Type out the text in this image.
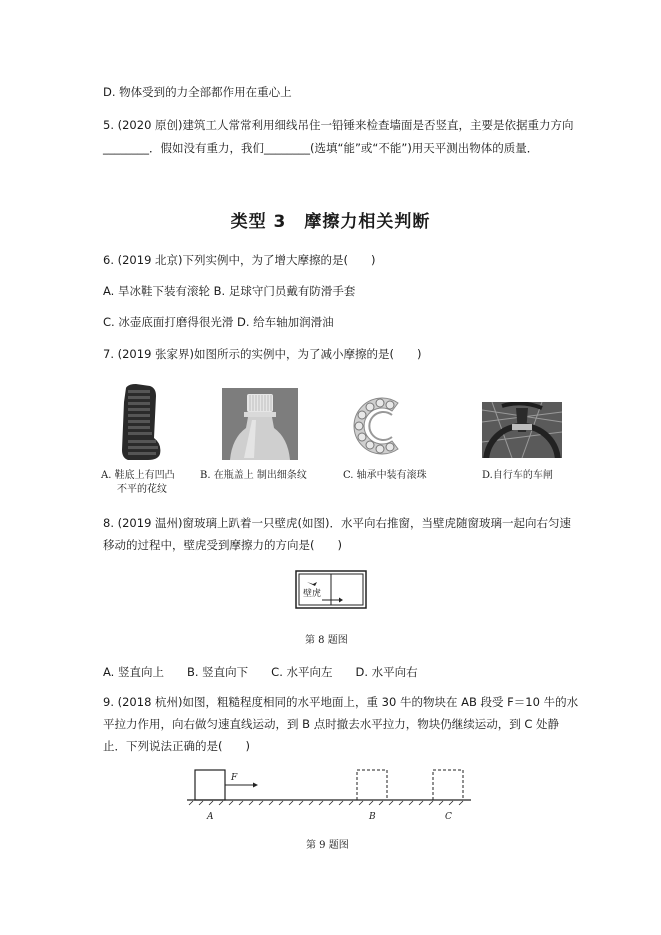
D. 物体受到的力全部都作用在重心上
5. (2020 原创)建筑工人常常利用细线吊住一铅锤来检查墙面是否竖直，主要是依据重力方向
________．假如没有重力，我们________(选填“能”或“不能”)用天平测出物体的质量．
类型 3　摩擦力相关判断
6. (2019 北京)下列实例中，为了增大摩擦的是(　　)
A. 旱冰鞋下装有滚轮 B. 足球守门员戴有防滑手套
C. 冰壶底面打磨得很光滑 D. 给车轴加润滑油
7. (2019 张家界)如图所示的实例中，为了减小摩擦的是(　　)
A. 鞋底上有凹凸
不平的花纹
B. 在瓶盖上 制出细条纹	C. 轴承中装有滚珠	D.自行车的车闸
8. (2019 温州)窗玻璃上趴着一只壁虎(如图)．水平向右推窗，当壁虎随窗玻璃一起向右匀速
移动的过程中，壁虎受到摩擦力的方向是(　　)
壁虎
第 8 题图
A. 竖直向上　　B. 竖直向下　　C. 水平向左　　D. 水平向右
9. (2018 杭州)如图，粗糙程度相同的水平地面上，重 30 牛的物块在 AB 段受 F＝10 牛的水
平拉力作用，向右做匀速直线运动，到 B 点时撤去水平拉力，物块仍继续运动，到 C 处静
止．下列说法正确的是(　　)
F
A	B	C
第 9 题图
